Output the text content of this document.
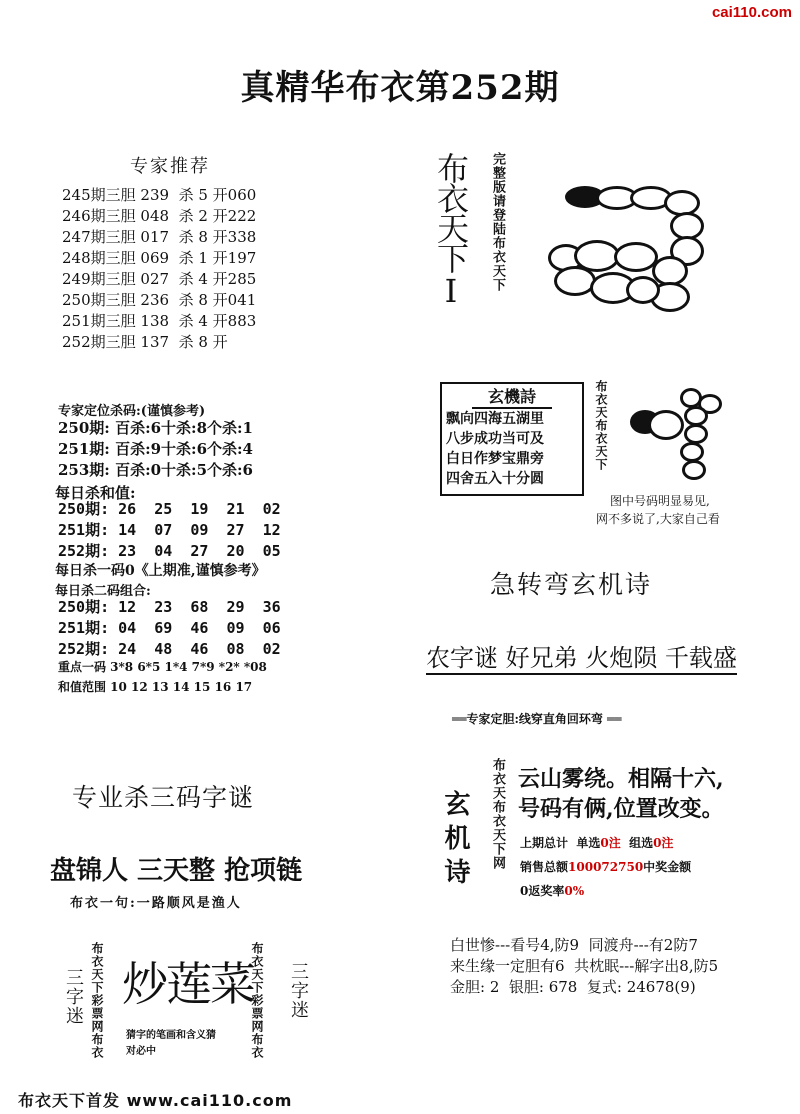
cai110.com
真精华布衣第252期
专家推荐
245期三胆 239  杀 5 开060
246期三胆 048  杀 2 开222
247期三胆 017  杀 8 开338
248期三胆 069  杀 1 开197
249期三胆 027  杀 4 开285
250期三胆 236  杀 8 开041
251期三胆 138  杀 4 开883
252期三胆 137  杀 8 开
专家定位杀码:(谨慎参考)
250期: 百杀:6十杀:8个杀:1
251期: 百杀:9十杀:6个杀:4
253期: 百杀:0十杀:5个杀:6
每日杀和值:
250期: 26  25  19  21  02
251期: 14  07  09  27  12
252期: 23  04  27  20  05
每日杀一码0《上期准,谨慎参考》
每日杀二码组合:
250期: 12  23  68  29  36
251期: 04  69  46  09  06
252期: 24  48  46  08  02
重点一码 3*8 6*5 1*4 7*9 *2* *08
和值范围 10 12 13 14 15 16 17
专业杀三码字谜
盘锦人 三天整 抢项链
布衣一句:一路顺风是渔人
三字迷 布衣天下彩票网布衣 炒莲菜
猜字的笔画和含义猜
对必中	布衣天下彩票网布衣 三字迷
布衣天下I 完整版请登陆布衣天下
玄機詩
飘向四海五湖里
八步成功当可及
白日作梦宝鼎旁
四舍五入十分圆
布衣天布衣天下
图中号码明显易见,
网不多说了,大家自己看
急转弯玄机诗
农字谜 好兄弟 火炮陨 千载盛
══专家定胆:线穿直角回环弯 ══
玄机诗 布衣天布衣天下网 云山雾绕。相隔十六,
号码有俩,位置改变。
上期总计  单选0注  组选0注
销售总额100072750中奖金额
0返奖率0%
白世惨---看号4,防9  同渡舟---有2防7
来生缘一定胆有6  共枕眠---解字出8,防5
金胆: 2  银胆: 678  复式: 24678(9)
布衣天下首发 www.cai110.com
